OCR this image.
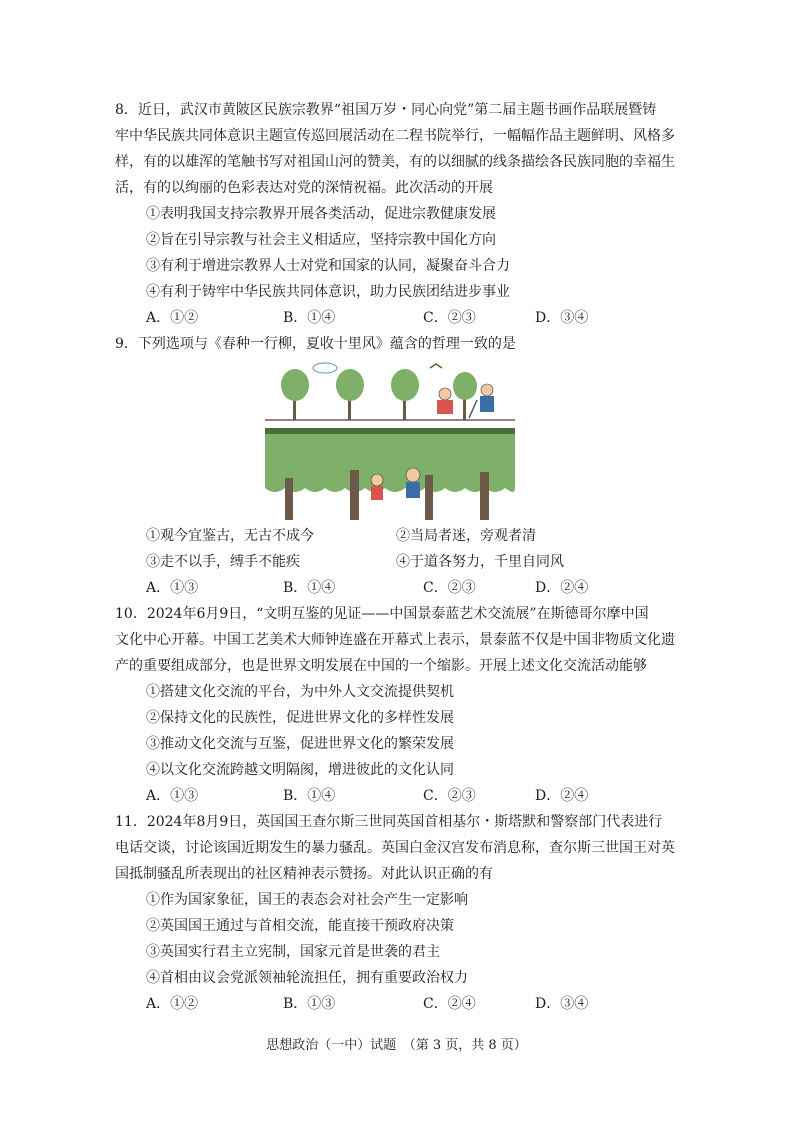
8．近日，武汉市黄陂区民族宗教界“祖国万岁・同心向党”第二届主题书画作品联展暨铸
牢中华民族共同体意识主题宣传巡回展活动在二程书院举行，一幅幅作品主题鲜明、风格多
样，有的以雄浑的笔触书写对祖国山河的赞美，有的以细腻的线条描绘各民族同胞的幸福生
活，有的以绚丽的色彩表达对党的深情祝福。此次活动的开展
①表明我国支持宗教界开展各类活动，促进宗教健康发展
②旨在引导宗教与社会主义相适应，坚持宗教中国化方向
③有利于增进宗教界人士对党和国家的认同，凝聚奋斗合力
④有利于铸牢中华民族共同体意识，助力民族团结进步事业
A．①②	B．①④	C．②③	D．③④
9．下列选项与《春种一行柳，夏收十里风》蕴含的哲理一致的是
①观今宜鉴古，无古不成今	②当局者迷，旁观者清
③走不以手，缚手不能疾	④于道各努力，千里自同风
A．①③	B．①④	C．②③	D．②④
10．2024年6月9日，“文明互鉴的见证——中国景泰蓝艺术交流展”在斯德哥尔摩中国
文化中心开幕。中国工艺美术大师钟连盛在开幕式上表示，景泰蓝不仅是中国非物质文化遗
产的重要组成部分，也是世界文明发展在中国的一个缩影。开展上述文化交流活动能够
①搭建文化交流的平台，为中外人文交流提供契机
②保持文化的民族性，促进世界文化的多样性发展
③推动文化交流与互鉴，促进世界文化的繁荣发展
④以文化交流跨越文明隔阂，增进彼此的文化认同
A．①③	B．①④	C．②③	D．②④
11．2024年8月9日，英国国王查尔斯三世同英国首相基尔・斯塔默和警察部门代表进行
电话交谈，讨论该国近期发生的暴力骚乱。英国白金汉宫发布消息称，查尔斯三世国王对英
国抵制骚乱所表现出的社区精神表示赞扬。对此认识正确的有
①作为国家象征，国王的表态会对社会产生一定影响
②英国国王通过与首相交流，能直接干预政府决策
③英国实行君主立宪制，国家元首是世袭的君主
④首相由议会党派领袖轮流担任，拥有重要政治权力
A．①②	B．①③	C．②④	D．③④
思想政治（一中）试题　（第 3 页，共 8 页）
